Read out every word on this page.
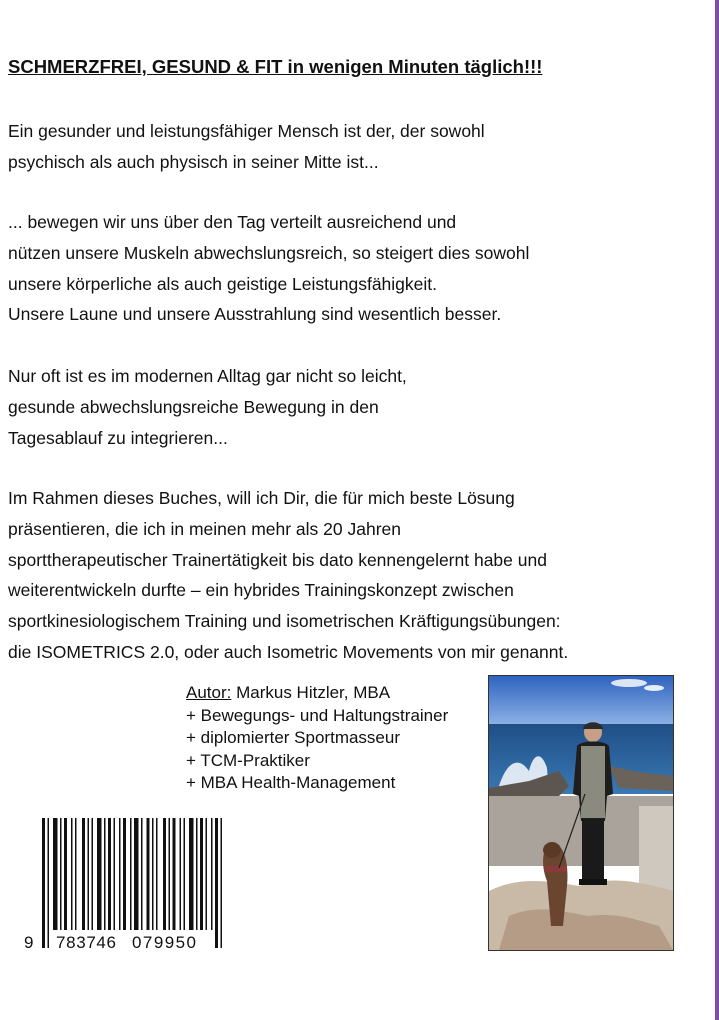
SCHMERZFREI, GESUND & FIT in wenigen Minuten täglich!!!

Ein gesunder und leistungsfähiger Mensch ist der, der sowohl
psychisch als auch physisch in seiner Mitte ist...

... bewegen wir uns über den Tag verteilt ausreichend und
nützen unsere Muskeln abwechslungsreich, so steigert dies sowohl
unsere körperliche als auch geistige Leistungsfähigkeit.
Unsere Laune und unsere Ausstrahlung sind wesentlich besser.

Nur oft ist es im modernen Alltag gar nicht so leicht,
gesunde abwechslungsreiche Bewegung in den
Tagesablauf zu integrieren...

Im Rahmen dieses Buches, will ich Dir, die für mich beste Lösung
präsentieren, die ich in meinen mehr als 20 Jahren
sporttherapeutischer Trainertätigkeit bis dato kennengelernt habe und
weiterentwickeln durfte – ein hybrides Trainingskonzept zwischen
sportkinesiologischem Training und isometrischen Kräftigungsübungen:
die ISOMETRICS 2.0, oder auch Isometric Movements von mir genannt.

Autor: Markus Hitzler, MBA
+ Bewegungs- und Haltungstrainer
+ diplomierter Sportmasseur
+ TCM-Praktiker
+ MBA Health-Management
9 783746 079950
